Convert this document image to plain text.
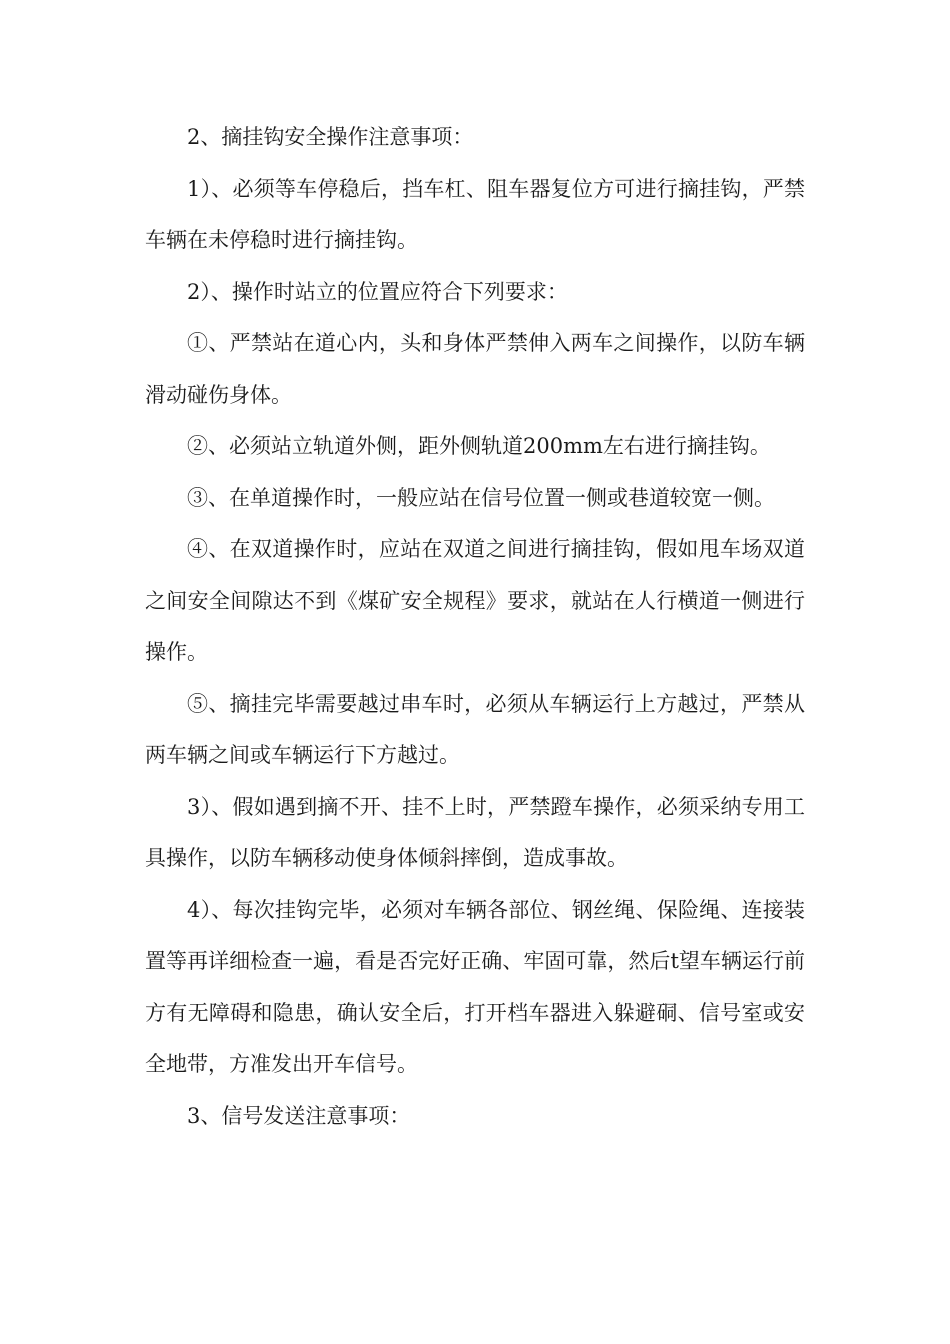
2、摘挂钩安全操作注意事项：

1）、必须等车停稳后，挡车杠、阻车器复位方可进行摘挂钩，严禁车辆在未停稳时进行摘挂钩。

2）、操作时站立的位置应符合下列要求：

①、严禁站在道心内，头和身体严禁伸入两车之间操作，以防车辆滑动碰伤身体。

②、必须站立轨道外侧，距外侧轨道200mm左右进行摘挂钩。

③、在单道操作时，一般应站在信号位置一侧或巷道较宽一侧。

④、在双道操作时，应站在双道之间进行摘挂钩，假如甩车场双道之间安全间隙达不到《煤矿安全规程》要求，就站在人行横道一侧进行操作。

⑤、摘挂完毕需要越过串车时，必须从车辆运行上方越过，严禁从两车辆之间或车辆运行下方越过。

3）、假如遇到摘不开、挂不上时，严禁蹬车操作，必须采纳专用工具操作，以防车辆移动使身体倾斜摔倒，造成事故。

4）、每次挂钩完毕，必须对车辆各部位、钢丝绳、保险绳、连接装置等再详细检查一遍，看是否完好正确、牢固可靠，然后t望车辆运行前方有无障碍和隐患，确认安全后，打开档车器进入躲避硐、信号室或安全地带，方准发出开车信号。

3、信号发送注意事项：
